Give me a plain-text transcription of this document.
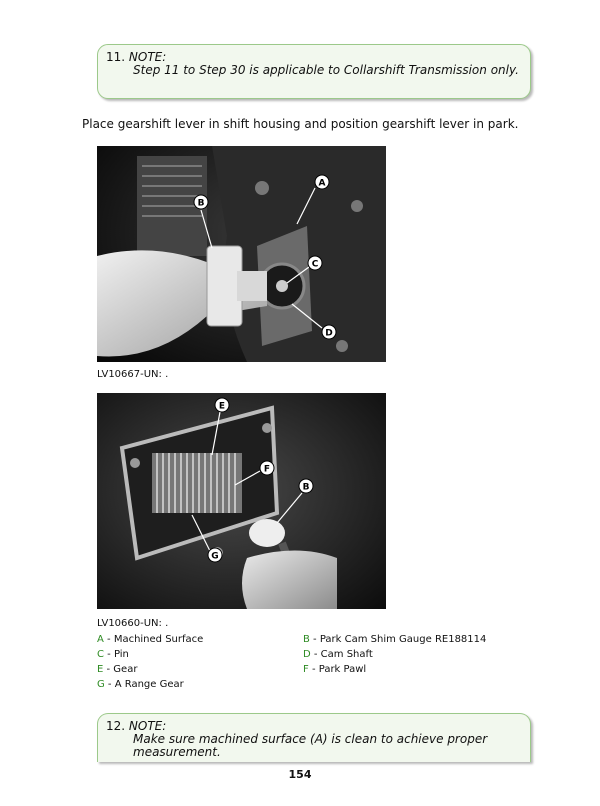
11. NOTE:
Step 11 to Step 30 is applicable to Collarshift Transmission only.
Place gearshift lever in shift housing and position gearshift lever in park.
B
A
C
D
LV10667-UN: .
E
F
B
G
LV10660-UN: .
A - Machined Surface
C - Pin
E - Gear
G - A Range Gear
B - Park Cam Shim Gauge RE188114
D - Cam Shaft
F - Park Pawl
12. NOTE:
Make sure machined surface (A) is clean to achieve proper measurement.
154
